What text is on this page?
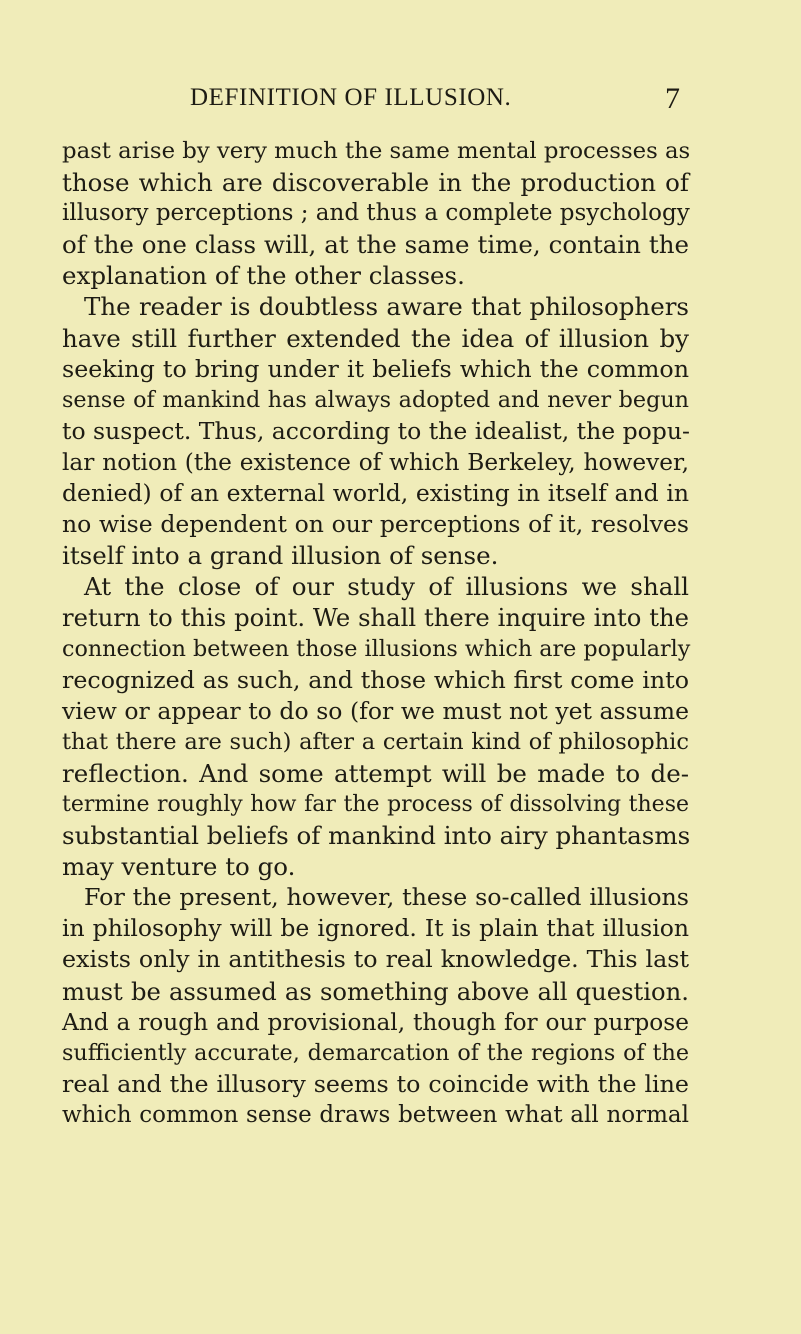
DEFINITION OF ILLUSION.	7
past arise by very much the same mental processes as
those which are discoverable in the production of
illusory perceptions ; and thus a complete psychology
of the one class will, at the same time, contain the
explanation of the other classes.
The reader is doubtless aware that philosophers
have still further extended the idea of illusion by
seeking to bring under it beliefs which the common
sense of mankind has always adopted and never begun
to suspect. Thus, according to the idealist, the popu-
lar notion (the existence of which Berkeley, however,
denied) of an external world, existing in itself and in
no wise dependent on our perceptions of it, resolves
itself into a grand illusion of sense.
At the close of our study of illusions we shall
return to this point. We shall there inquire into the
connection between those illusions which are popularly
recognized as such, and those which first come into
view or appear to do so (for we must not yet assume
that there are such) after a certain kind of philosophic
reflection. And some attempt will be made to de-
termine roughly how far the process of dissolving these
substantial beliefs of mankind into airy phantasms
may venture to go.
For the present, however, these so-called illusions
in philosophy will be ignored. It is plain that illusion
exists only in antithesis to real knowledge. This last
must be assumed as something above all question.
And a rough and provisional, though for our purpose
sufficiently accurate, demarcation of the regions of the
real and the illusory seems to coincide with the line
which common sense draws between what all normal
